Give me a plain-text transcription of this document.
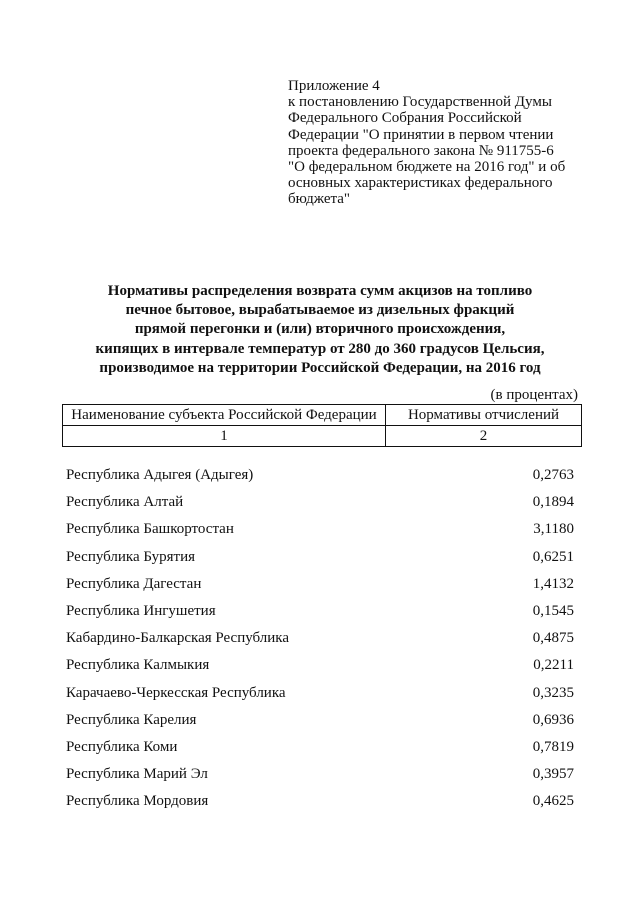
Приложение 4
к постановлению Государственной Думы
Федерального Собрания Российской
Федерации "О принятии в первом чтении
проекта федерального закона № 911755-6
"О федеральном бюджете на 2016 год" и об
основных характеристиках федерального
бюджета"
Нормативы распределения возврата сумм акцизов на топливо
печное бытовое, вырабатываемое из дизельных фракций
прямой перегонки и (или) вторичного происхождения,
кипящих в интервале температур от 280 до 360 градусов Цельсия,
производимое на территории Российской Федерации, на 2016 год
(в процентах)
Наименование субъекта Российской Федерации	Нормативы отчислений
1	2
Республика Адыгея (Адыгея)	0,2763
Республика Алтай	0,1894
Республика Башкортостан	3,1180
Республика Бурятия	0,6251
Республика Дагестан	1,4132
Республика Ингушетия	0,1545
Кабардино-Балкарская Республика	0,4875
Республика Калмыкия	0,2211
Карачаево-Черкесская Республика	0,3235
Республика Карелия	0,6936
Республика Коми	0,7819
Республика Марий Эл	0,3957
Республика Мордовия	0,4625
